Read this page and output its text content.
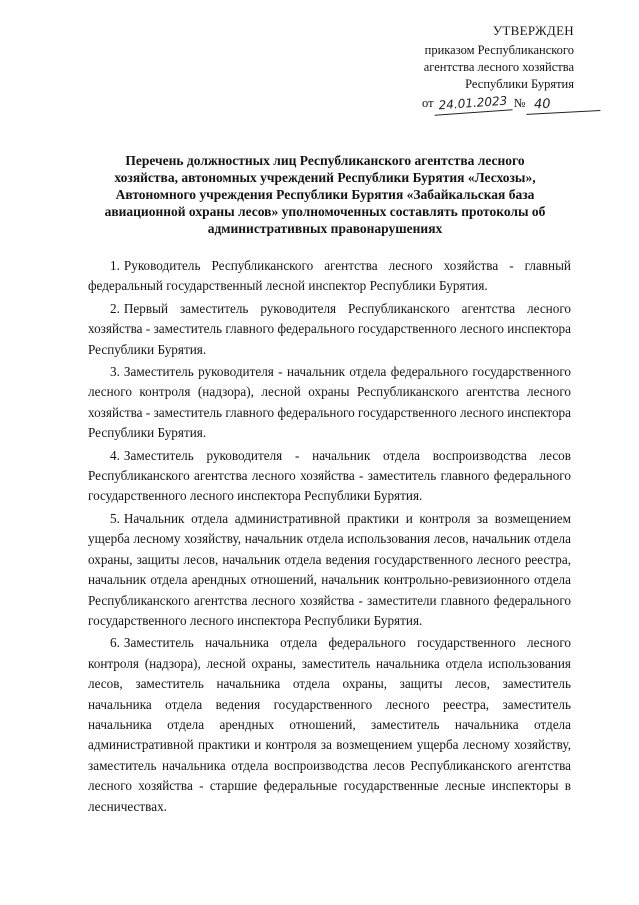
УТВЕРЖДЕН
приказом Республиканского
агентства лесного хозяйства
Республики Бурятия
от 24.01.2023 № 40
Перечень должностных лиц Республиканского агентства лесного
хозяйства, автономных учреждений Республики Бурятия «Лесхозы»,
Автономного учреждения Республики Бурятия «Забайкальская база
авиационной охраны лесов» уполномоченных составлять протоколы об
административных правонарушениях

1. Руководитель Республиканского агентства лесного хозяйства - главный федеральный государственный лесной инспектор Республики Бурятия.

2. Первый заместитель руководителя Республиканского агентства лесного хозяйства - заместитель главного федерального государственного лесного инспектора Республики Бурятия.

3. Заместитель руководителя - начальник отдела федерального государственного лесного контроля (надзора), лесной охраны Республиканского агентства лесного хозяйства - заместитель главного федерального государственного лесного инспектора Республики Бурятия.

4. Заместитель руководителя - начальник отдела воспроизводства лесов Республиканского агентства лесного хозяйства - заместитель главного федерального государственного лесного инспектора Республики Бурятия.

5. Начальник отдела административной практики и контроля за возмещением ущерба лесному хозяйству, начальник отдела использования лесов, начальник отдела охраны, защиты лесов, начальник отдела ведения государственного лесного реестра, начальник отдела арендных отношений, начальник контрольно-ревизионного отдела Республиканского агентства лесного хозяйства - заместители главного федерального государственного лесного инспектора Республики Бурятия.

6. Заместитель начальника отдела федерального государственного лесного контроля (надзора), лесной охраны, заместитель начальника отдела использования лесов, заместитель начальника отдела охраны, защиты лесов, заместитель начальника отдела ведения государственного лесного реестра, заместитель начальника отдела арендных отношений, заместитель начальника отдела административной практики и контроля за возмещением ущерба лесному хозяйству, заместитель начальника отдела воспроизводства лесов Республиканского агентства лесного хозяйства - старшие федеральные государственные лесные инспекторы в лесничествах.
